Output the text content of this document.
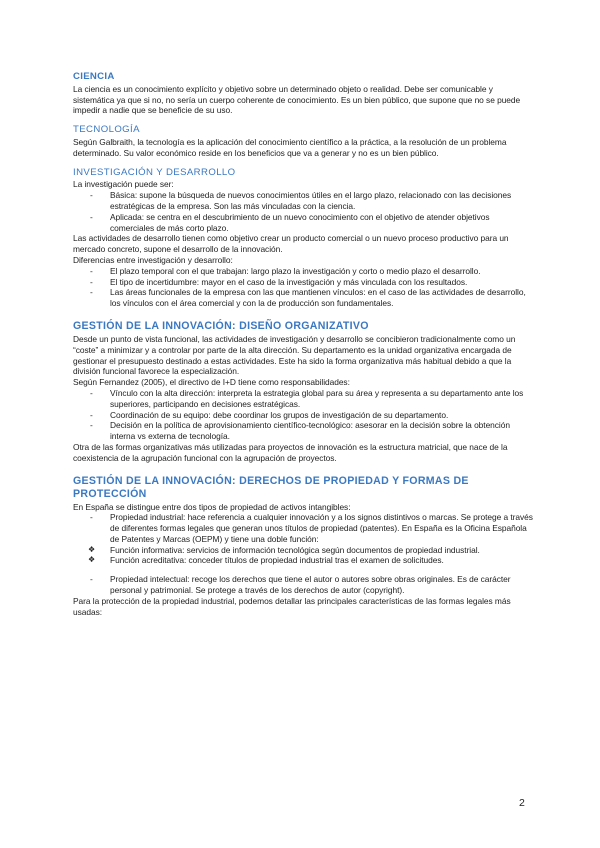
CIENCIA

La ciencia es un conocimiento explícito y objetivo sobre un determinado objeto o realidad. Debe ser comunicable y sistemática ya que si no, no sería un cuerpo coherente de conocimiento. Es un bien público, que supone que no se puede impedir a nadie que se beneficie de su uso.

TECNOLOGÍA

Según Galbraith, la tecnología es la aplicación del conocimiento científico a la práctica, a la resolución de un problema determinado. Su valor económico reside en los beneficios que va a generar y no es un bien público.

INVESTIGACIÓN Y DESARROLLO

La investigación puede ser:

- Básica: supone la búsqueda de nuevos conocimientos útiles en el largo plazo, relacionado con las decisiones estratégicas de la empresa. Son las más vinculadas con la ciencia.
- Aplicada: se centra en el descubrimiento de un nuevo conocimiento con el objetivo de atender objetivos comerciales de más corto plazo.

Las actividades de desarrollo tienen como objetivo crear un producto comercial o un nuevo proceso productivo para un mercado concreto, supone el desarrollo de la innovación.

Diferencias entre investigación y desarrollo:

- El plazo temporal con el que trabajan: largo plazo la investigación y corto o medio plazo el desarrollo.
- El tipo de incertidumbre: mayor en el caso de la investigación y más vinculada con los resultados.
- Las áreas funcionales de la empresa con las que mantienen vínculos: en el caso de las actividades de desarrollo, los vínculos con el área comercial y con la de producción son fundamentales.
GESTIÓN DE LA INNOVACIÓN: DISEÑO ORGANIZATIVO

Desde un punto de vista funcional, las actividades de investigación y desarrollo se concibieron tradicionalmente como un “coste” a minimizar y a controlar por parte de la alta dirección. Su departamento es la unidad organizativa encargada de gestionar el presupuesto destinado a estas actividades. Este ha sido la forma organizativa más habitual debido a que la división funcional favorece la especialización.

Según Fernandez (2005), el directivo de I+D tiene como responsabilidades:

- Vínculo con la alta dirección: interpreta la estrategia global para su área y representa a su departamento ante los superiores, participando en decisiones estratégicas.
- Coordinación de su equipo: debe coordinar los grupos de investigación de su departamento.
- Decisión en la política de aprovisionamiento científico-tecnológico: asesorar en la decisión sobre la obtención interna vs externa de tecnología.

Otra de las formas organizativas más utilizadas para proyectos de innovación es la estructura matricial, que nace de la coexistencia de la agrupación funcional con la agrupación de proyectos.

GESTIÓN DE LA INNOVACIÓN: DERECHOS DE PROPIEDAD Y FORMAS DE PROTECCIÓN

En España se distingue entre dos tipos de propiedad de activos intangibles:

- Propiedad industrial: hace referencia a cualquier innovación y a los signos distintivos o marcas. Se protege a través de diferentes formas legales que generan unos títulos de propiedad (patentes). En España es la Oficina Española de Patentes y Marcas (OEPM) y tiene una doble función:
❖ Función informativa: servicios de información tecnológica según documentos de propiedad industrial.
❖ Función acreditativa: conceder títulos de propiedad industrial tras el examen de solicitudes.
- Propiedad intelectual: recoge los derechos que tiene el autor o autores sobre obras originales. Es de carácter personal y patrimonial. Se protege a través de los derechos de autor (copyright).

Para la protección de la propiedad industrial, podemos detallar las principales características de las formas legales más usadas:

2
